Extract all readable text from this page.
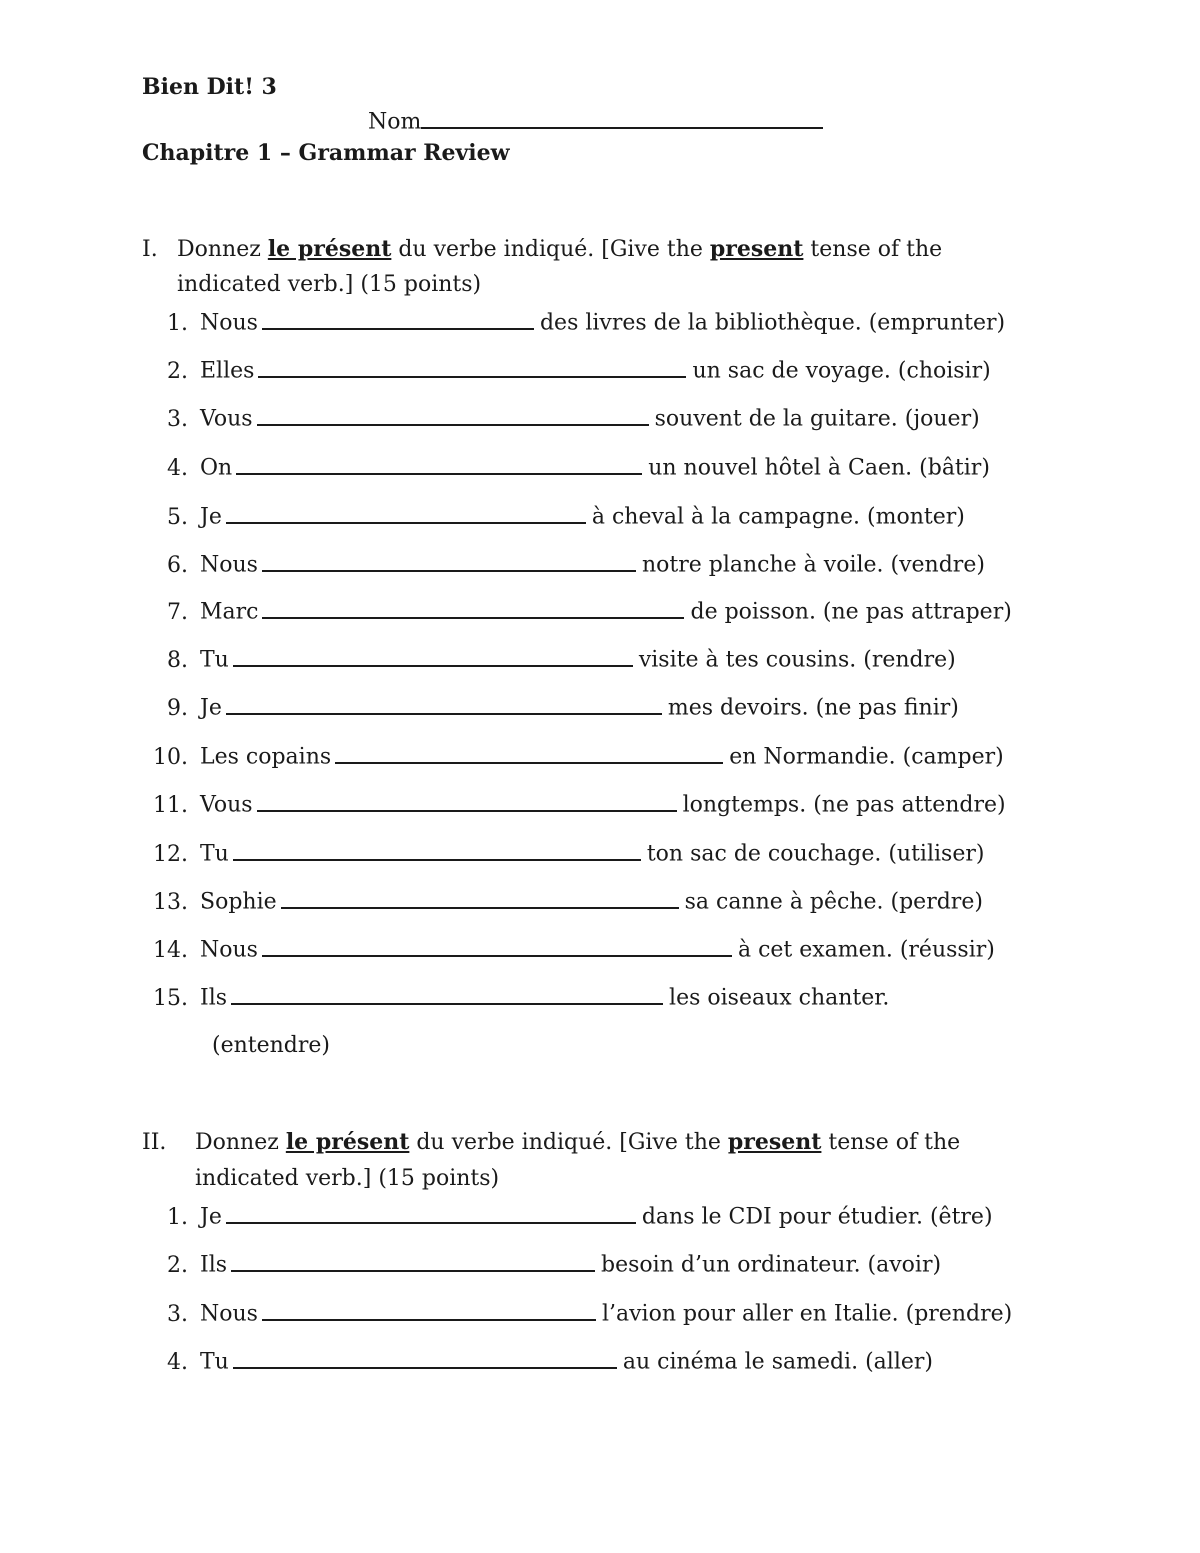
Bien Dit! 3
Nom
Chapitre 1 – Grammar Review
I. Donnez le présent du verbe indiqué. [Give the present tense of the
indicated verb.] (15 points)
1. Nous	des livres de la bibliothèque. (emprunter)
2. Elles	un sac de voyage. (choisir)
3. Vous	souvent de la guitare. (jouer)
4. On	un nouvel hôtel à Caen. (bâtir)
5. Je	à cheval à la campagne. (monter)
6. Nous	notre planche à voile. (vendre)
7. Marc	de poisson. (ne pas attraper)
8. Tu	visite à tes cousins. (rendre)
9. Je	mes devoirs. (ne pas finir)
10. Les copains	en Normandie. (camper)
11. Vous	longtemps. (ne pas attendre)
12. Tu	ton sac de couchage. (utiliser)
13. Sophie	sa canne à pêche. (perdre)
14. Nous	à cet examen. (réussir)
15. Ils	les oiseaux chanter.
(entendre)
II. Donnez le présent du verbe indiqué. [Give the present tense of the
indicated verb.] (15 points)
1. Je	dans le CDI pour étudier. (être)
2. Ils	besoin d’un ordinateur. (avoir)
3. Nous	l’avion pour aller en Italie. (prendre)
4. Tu	au cinéma le samedi. (aller)
